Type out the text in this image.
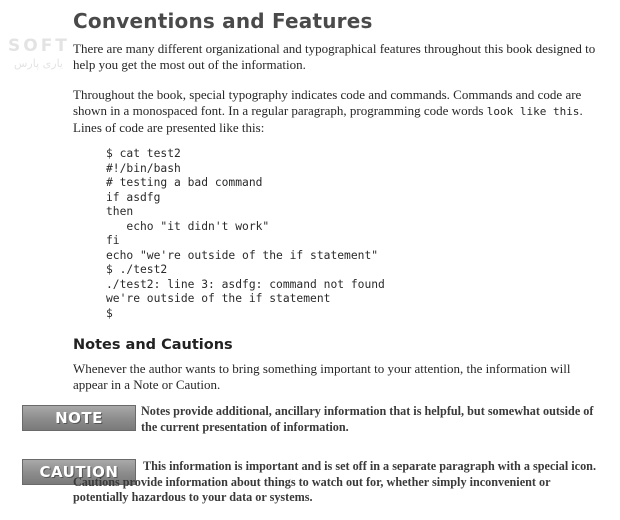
SOFT
یاری پارس
Conventions and Features

There are many different organizational and typographical features throughout this book designed to help you get the most out of the information.

Throughout the book, special typography indicates code and commands. Commands and code are shown in a monospaced font. In a regular paragraph, programming code words look like this. Lines of code are presented like this:

$ cat test2
#!/bin/bash
# testing a bad command
if asdfg
then
echo "it didn't work"
fi
echo "we're outside of the if statement"
$ ./test2
./test2: line 3: asdfg: command not found
we're outside of the if statement
$
Notes and Cautions

Whenever the author wants to bring something important to your attention, the information will appear in a Note or Caution.

NOTE	Notes provide additional, ancillary information that is helpful, but somewhat outside of the current presentation of information.

CAUTION	This information is important and is set off in a separate paragraph with a special icon. Cautions provide information about things to watch out for, whether simply inconvenient or potentially hazardous to your data or systems.
